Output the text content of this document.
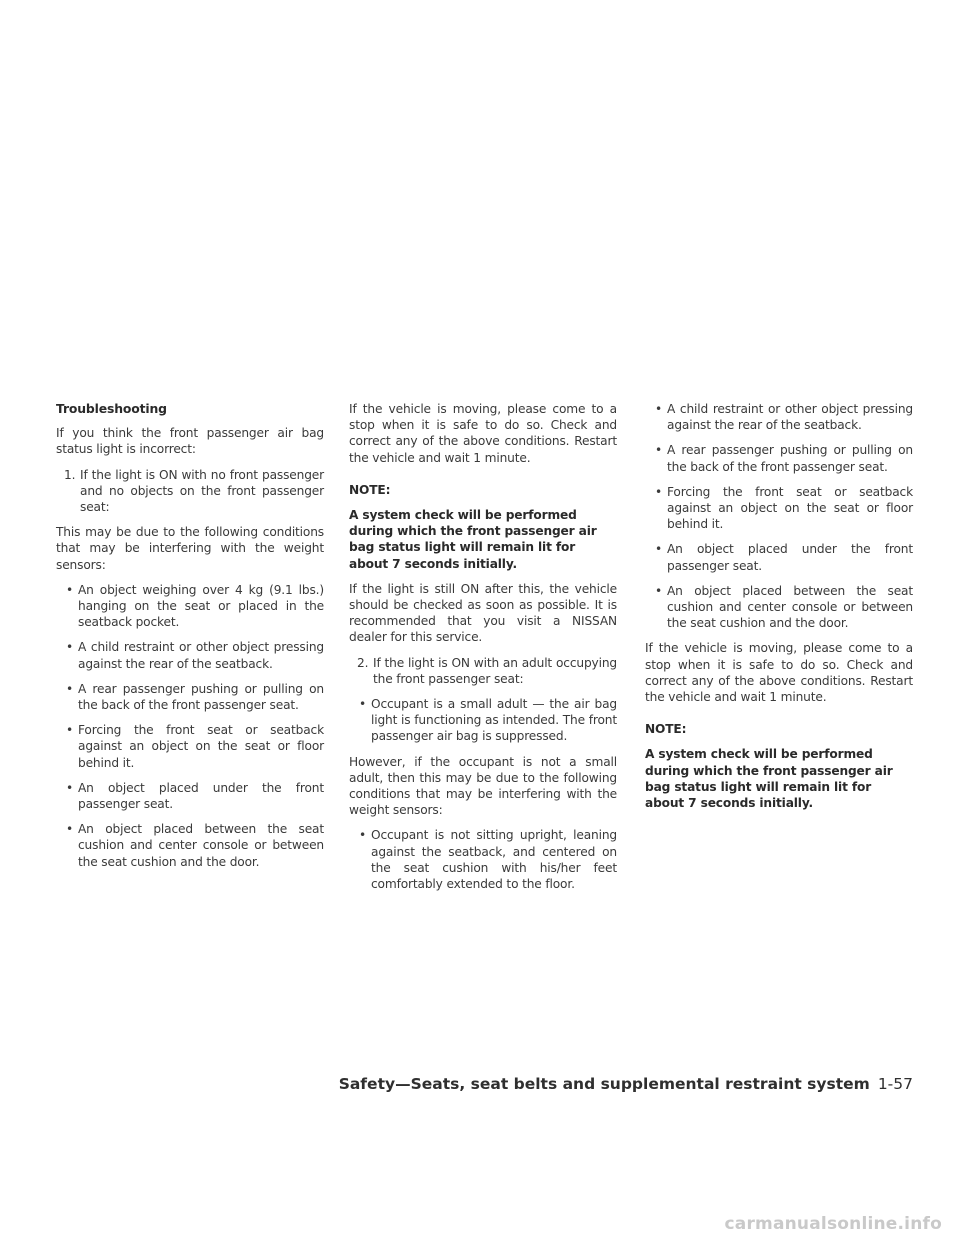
Troubleshooting

If you think the front passenger air bag status light is incorrect:

1. If the light is ON with no front passenger and no objects on the front passenger seat:

This may be due to the following conditions that may be interfering with the weight sensors:

• An object weighing over 4 kg (9.1 lbs.) hanging on the seat or placed in the seatback pocket.
• A child restraint or other object pressing against the rear of the seatback.
• A rear passenger pushing or pulling on the back of the front passenger seat.
• Forcing the front seat or seatback against an object on the seat or floor behind it.
• An object placed under the front passenger seat.
• An object placed between the seat cushion and center console or between the seat cushion and the door.

If the vehicle is moving, please come to a stop when it is safe to do so. Check and correct any of the above conditions. Restart the vehicle and wait 1 minute.

NOTE:

A system check will be performed during which the front passenger air bag status light will remain lit for about 7 seconds initially.

If the light is still ON after this, the vehicle should be checked as soon as possible. It is recommended that you visit a NISSAN dealer for this service.

2. If the light is ON with an adult occupying the front passenger seat:
• Occupant is a small adult — the air bag light is functioning as intended. The front passenger air bag is suppressed.

However, if the occupant is not a small adult, then this may be due to the following conditions that may be interfering with the weight sensors:

• Occupant is not sitting upright, leaning against the seatback, and centered on the seat cushion with his/her feet comfortably extended to the floor.
• A child restraint or other object pressing against the rear of the seatback.
• A rear passenger pushing or pulling on the back of the front passenger seat.
• Forcing the front seat or seatback against an object on the seat or floor behind it.
• An object placed under the front passenger seat.
• An object placed between the seat cushion and center console or between the seat cushion and the door.

If the vehicle is moving, please come to a stop when it is safe to do so. Check and correct any of the above conditions. Restart the vehicle and wait 1 minute.

NOTE:

A system check will be performed during which the front passenger air bag status light will remain lit for about 7 seconds initially.

Safety—Seats, seat belts and supplemental restraint system 1-57
carmanualsonline.info
